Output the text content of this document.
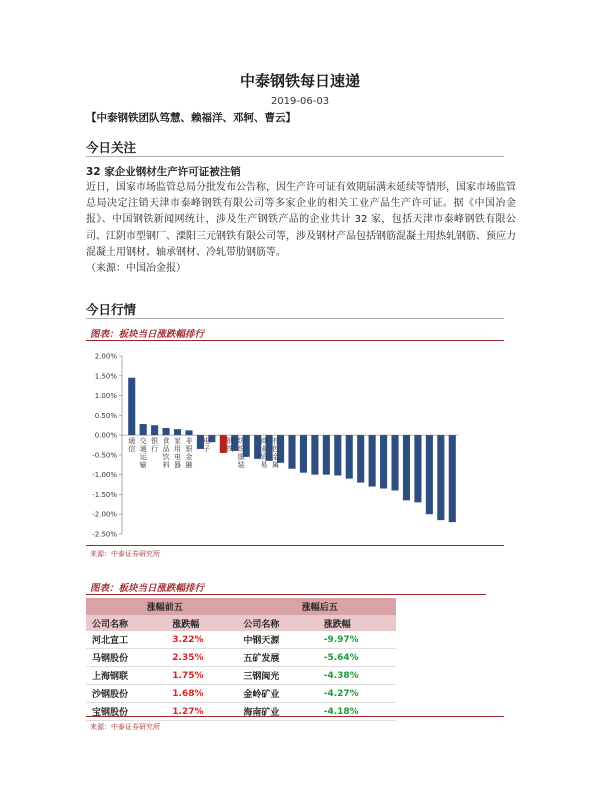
中泰钢铁每日速递
2019-06-03
【中泰钢铁团队笃慧、赖福洋、邓轲、曹云】
今日关注
32 家企业钢材生产许可证被注销
近日，国家市场监管总局分批发布公告称，因生产许可证有效期届满未延续等情形，国家市场监管总局决定注销天津市泰峰钢铁有限公司等多家企业的相关工业产品生产许可证。据《中国冶金报》、中国钢铁新闻网统计，涉及生产钢铁产品的企业共计 32 家，包括天津市泰峰钢铁有限公司、江阴市型钢厂、溧阳三元钢铁有限公司等，涉及钢材产品包括钢筋混凝土用热轧钢筋、预应力混凝土用钢材、轴承钢材、冷轧带肋钢筋等。
（来源：中国冶金报）
今日行情
图表：板块当日涨跌幅排行
2.00%
1.50%
1.00%
0.50%
0.00%
-0.50%
-1.00%
-1.50%
-2.00%
-2.50%
通
信
交
通
运
输
银
行
食
品
饮
料
家
用
电
器
非
银
金
融
电
子
钢
铁
纺
织
服
装
商
业
贸
易
有
色
金
属
来源：中泰证券研究所
图表：板块当日涨跌幅排行
涨幅前五		涨幅后五	
公司名称	涨跌幅	公司名称	涨跌幅
河北宣工	3.22%	中钢天源	-9.97%
马钢股份	2.35%	五矿发展	-5.64%
上海钢联	1.75%	三钢闽光	-4.38%
沙钢股份	1.68%	金岭矿业	-4.27%
宝钢股份	1.27%	海南矿业	-4.18%
来源：中泰证券研究所
